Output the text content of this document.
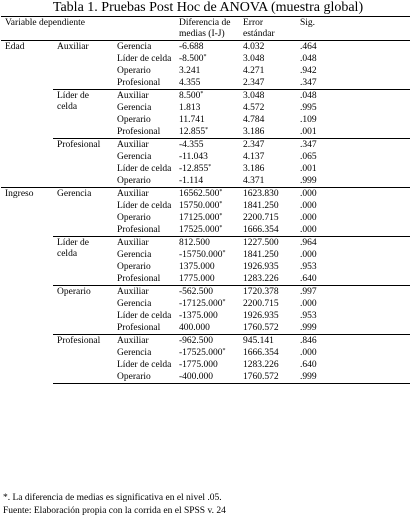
Tabla 1. Pruebas Post Hoc de ANOVA (muestra global)
Variable dependiente			Diferencia de medias (I-J)	Error estándar	Sig.
Edad	Auxiliar	Gerencia	-6.688	4.032	.464
		Líder de celda	-8.500*	3.048	.048
		Operario	3.241	4.271	.942
		Profesional	4.355	2.347	.347
	Líder de celda	Auxiliar	8.500*	3.048	.048
		Gerencia	1.813	4.572	.995
		Operario	11.741	4.784	.109
		Profesional	12.855*	3.186	.001
	Profesional	Auxiliar	-4.355	2.347	.347
		Gerencia	-11.043	4.137	.065
		Líder de celda	-12.855*	3.186	.001
		Operario	-1.114	4.371	.999
Ingreso	Gerencia	Auxiliar	16562.500*	1623.830	.000
		Líder de celda	15750.000*	1841.250	.000
		Operario	17125.000*	2200.715	.000
		Profesional	17525.000*	1666.354	.000
	Líder de celda	Auxiliar	812.500	1227.500	.964
		Gerencia	-15750.000*	1841.250	.000
		Operario	1375.000	1926.935	.953
		Profesional	1775.000	1283.226	.640
	Operario	Auxiliar	-562.500	1720.378	.997
		Gerencia	-17125.000*	2200.715	.000
		Líder de celda	-1375.000	1926.935	.953
		Profesional	400.000	1760.572	.999
	Profesional	Auxiliar	-962.500	945.141	.846
		Gerencia	-17525.000*	1666.354	.000
		Líder de celda	-1775.000	1283.226	.640
		Operario	-400.000	1760.572	.999
*. La diferencia de medias es significativa en el nivel .05.
Fuente: Elaboración propia con la corrida en el SPSS v. 24
